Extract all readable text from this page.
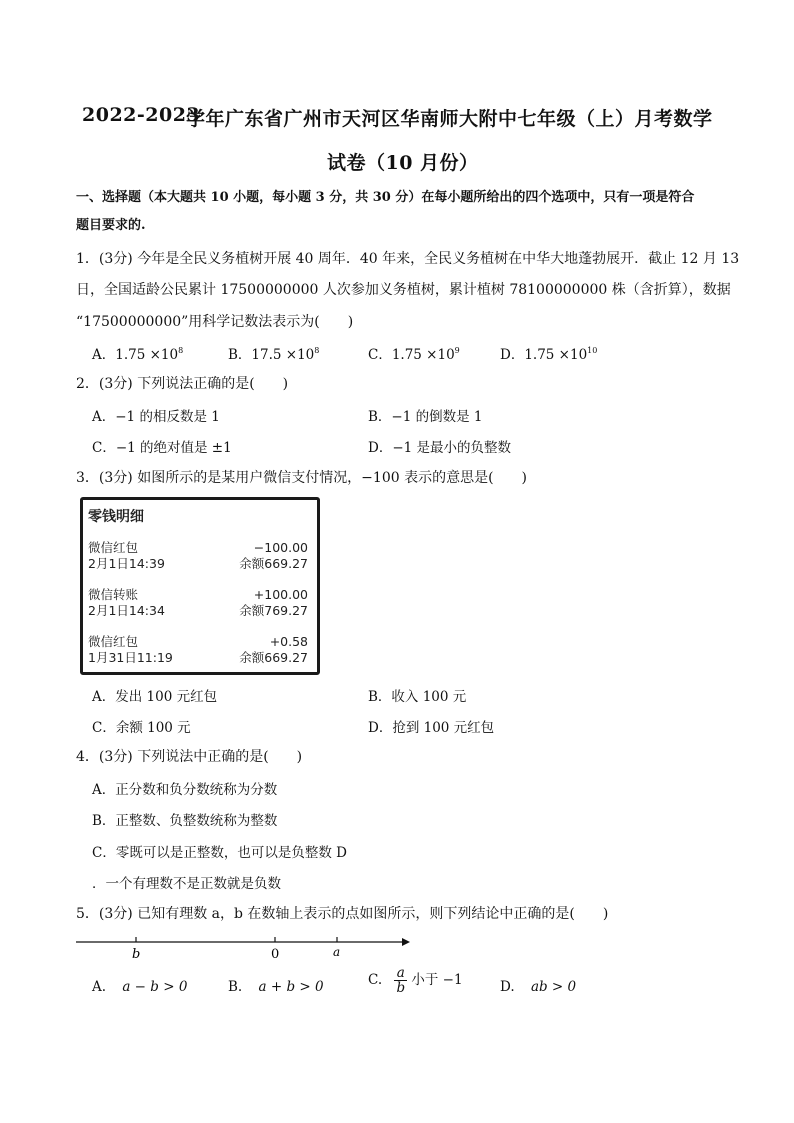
2022-2023
学年广东省广州市天河区华南师大附中七年级（上）月考数学
试卷（10 月份）
一、选择题（本大题共 10 小题，每小题 3 分，共 30 分）在每小题所给出的四个选项中，只有一项是符合
题目要求的.
1．(3分) 今年是全民义务植树开展 40 周年．40 年来，全民义务植树在中华大地蓬勃展开．截止 12 月 13
日，全国适龄公民累计 17500000000 人次参加义务植树，累计植树 78100000000 株（含折算），数据
“17500000000”用科学记数法表示为(　　)
A．$1.75 \times 10^8$	B．$17.5 \times 10^8$	C．$1.75 \times 10^9$	D．$1.75 \times 10^{10}$
2．(3分) 下列说法正确的是(　　)
A．−1 的相反数是 1	B．−1 的倒数是 1
C．−1 的绝对值是 ±1	D．−1 是最小的负整数
3．(3分) 如图所示的是某用户微信支付情况，−100 表示的意思是(　　)
零钱明细
微信红包	−100.00
2月1日14:39	余额669.27
微信转账	+100.00
2月1日14:34	余额769.27
微信红包	+0.58
1月31日11:19	余额669.27
A．发出 100 元红包	B．收入 100 元
C．余额 100 元	D．抢到 100 元红包
4．(3分) 下列说法中正确的是(　　)
A．正分数和负分数统称为分数
B．正整数、负整数统称为整数
C．零既可以是正整数，也可以是负整数 D
．一个有理数不是正数就是负数
5．(3分) 已知有理数 a，b 在数轴上表示的点如图所示，则下列结论中正确的是(　　)
b	0	a
A. a − b > 0	B. a + b > 0	C. $\frac{a}{b}$ 小于 −1	D. ab > 0
